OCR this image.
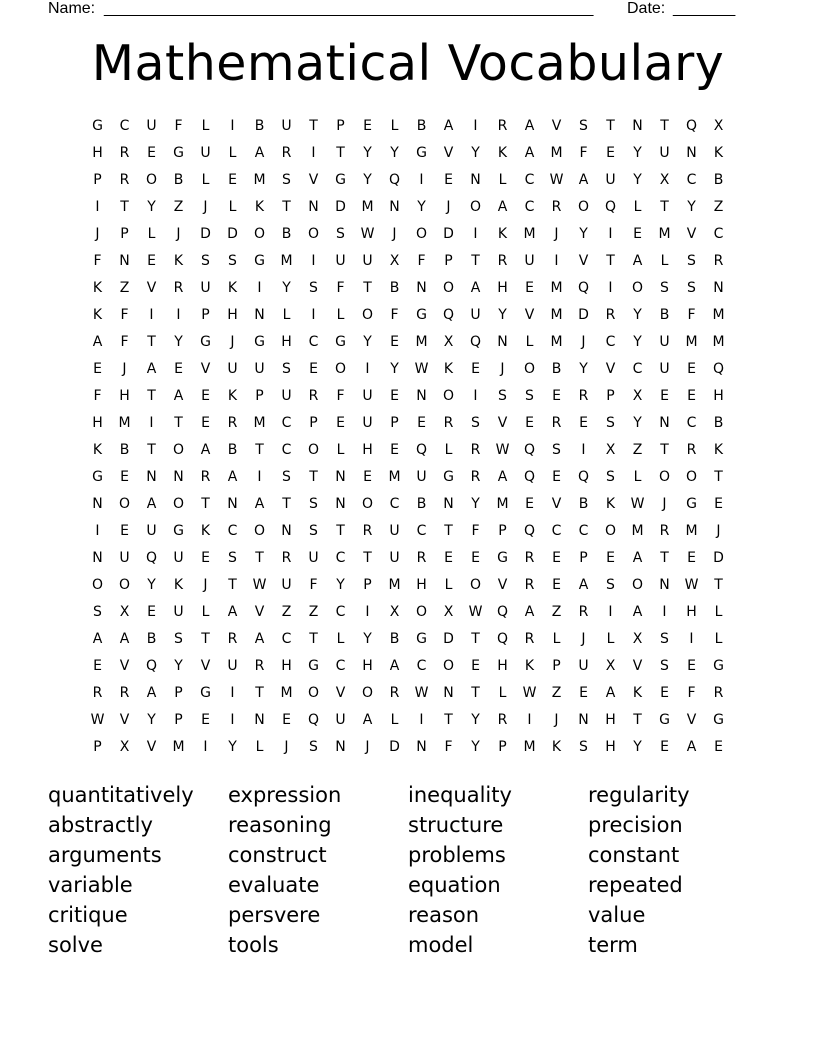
Name: _______________________________________________________ Date: _______
Mathematical Vocabulary
G	C	U	F	L	I	B	U	T	P	E	L	B	A	I	R	A	V	S	T	N	T	Q	X
H	R	E	G	U	L	A	R	I	T	Y	Y	G	V	Y	K	A	M	F	E	Y	U	N	K
P	R	O	B	L	E	M	S	V	G	Y	Q	I	E	N	L	C	W	A	U	Y	X	C	B
I	T	Y	Z	J	L	K	T	N	D	M	N	Y	J	O	A	C	R	O	Q	L	T	Y	Z
J	P	L	J	D	D	O	B	O	S	W	J	O	D	I	K	M	J	Y	I	E	M	V	C
F	N	E	K	S	S	G	M	I	U	U	X	F	P	T	R	U	I	V	T	A	L	S	R
K	Z	V	R	U	K	I	Y	S	F	T	B	N	O	A	H	E	M	Q	I	O	S	S	N
K	F	I	I	P	H	N	L	I	L	O	F	G	Q	U	Y	V	M	D	R	Y	B	F	M
A	F	T	Y	G	J	G	H	C	G	Y	E	M	X	Q	N	L	M	J	C	Y	U	M	M
E	J	A	E	V	U	U	S	E	O	I	Y	W	K	E	J	O	B	Y	V	C	U	E	Q
F	H	T	A	E	K	P	U	R	F	U	E	N	O	I	S	S	E	R	P	X	E	E	H
H	M	I	T	E	R	M	C	P	E	U	P	E	R	S	V	E	R	E	S	Y	N	C	B
K	B	T	O	A	B	T	C	O	L	H	E	Q	L	R	W	Q	S	I	X	Z	T	R	K
G	E	N	N	R	A	I	S	T	N	E	M	U	G	R	A	Q	E	Q	S	L	O	O	T
N	O	A	O	T	N	A	T	S	N	O	C	B	N	Y	M	E	V	B	K	W	J	G	E
I	E	U	G	K	C	O	N	S	T	R	U	C	T	F	P	Q	C	C	O	M	R	M	J
N	U	Q	U	E	S	T	R	U	C	T	U	R	E	E	G	R	E	P	E	A	T	E	D
O	O	Y	K	J	T	W	U	F	Y	P	M	H	L	O	V	R	E	A	S	O	N	W	T
S	X	E	U	L	A	V	Z	Z	C	I	X	O	X	W	Q	A	Z	R	I	A	I	H	L
A	A	B	S	T	R	A	C	T	L	Y	B	G	D	T	Q	R	L	J	L	X	S	I	L
E	V	Q	Y	V	U	R	H	G	C	H	A	C	O	E	H	K	P	U	X	V	S	E	G
R	R	A	P	G	I	T	M	O	V	O	R	W	N	T	L	W	Z	E	A	K	E	F	R
W	V	Y	P	E	I	N	E	Q	U	A	L	I	T	Y	R	I	J	N	H	T	G	V	G
P	X	V	M	I	Y	L	J	S	N	J	D	N	F	Y	P	M	K	S	H	Y	E	A	E
quantitatively	expression	inequality	regularity
abstractly	reasoning	structure	precision
arguments	construct	problems	constant
variable	evaluate	equation	repeated
critique	persvere	reason	value
solve	tools	model	term
